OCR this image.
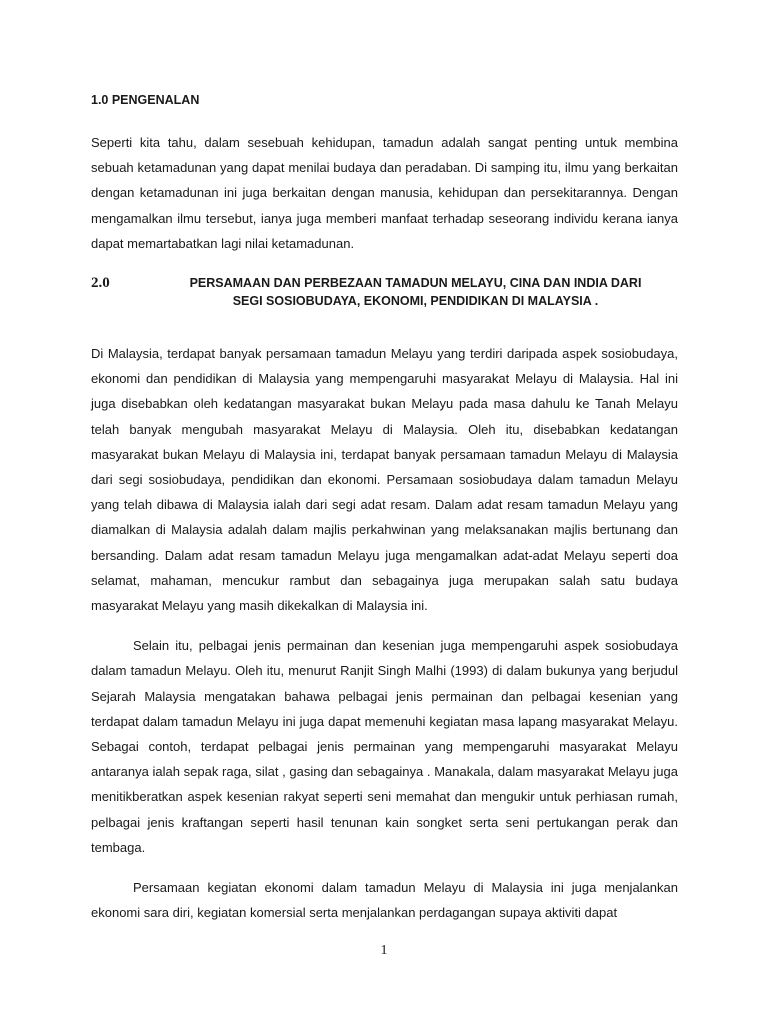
1.0 PENGENALAN

Seperti kita tahu, dalam sesebuah kehidupan, tamadun adalah sangat penting untuk membina sebuah ketamadunan yang dapat menilai budaya dan peradaban. Di samping itu, ilmu yang berkaitan dengan ketamadunan ini juga berkaitan dengan manusia, kehidupan dan persekitarannya. Dengan mengamalkan ilmu tersebut, ianya juga memberi manfaat terhadap seseorang individu kerana ianya dapat memartabatkan lagi nilai ketamadunan.

2.0	PERSAMAAN DAN PERBEZAAN TAMADUN MELAYU, CINA DAN INDIA DARI
SEGI SOSIOBUDAYA, EKONOMI, PENDIDIKAN DI MALAYSIA .

Di Malaysia, terdapat banyak persamaan tamadun Melayu yang terdiri daripada aspek sosiobudaya, ekonomi dan pendidikan di Malaysia yang mempengaruhi masyarakat Melayu di Malaysia. Hal ini juga disebabkan oleh kedatangan masyarakat bukan Melayu pada masa dahulu ke Tanah Melayu telah banyak mengubah masyarakat Melayu di Malaysia. Oleh itu, disebabkan kedatangan masyarakat bukan Melayu di Malaysia ini, terdapat banyak persamaan tamadun Melayu di Malaysia dari segi sosiobudaya, pendidikan dan ekonomi. Persamaan sosiobudaya dalam tamadun Melayu yang telah dibawa di Malaysia ialah dari segi adat resam. Dalam adat resam tamadun Melayu yang diamalkan di Malaysia adalah dalam majlis perkahwinan yang melaksanakan majlis bertunang dan bersanding. Dalam adat resam tamadun Melayu juga mengamalkan adat-adat Melayu seperti doa selamat, mahaman, mencukur rambut dan sebagainya juga merupakan salah satu budaya masyarakat Melayu yang masih dikekalkan di Malaysia ini.

Selain itu, pelbagai jenis permainan dan kesenian juga mempengaruhi aspek sosiobudaya dalam tamadun Melayu. Oleh itu, menurut Ranjit Singh Malhi (1993) di dalam bukunya yang berjudul Sejarah Malaysia mengatakan bahawa pelbagai jenis permainan dan pelbagai kesenian yang terdapat dalam tamadun Melayu ini juga dapat memenuhi kegiatan masa lapang masyarakat Melayu. Sebagai contoh, terdapat pelbagai jenis permainan yang mempengaruhi masyarakat Melayu antaranya ialah sepak raga, silat , gasing dan sebagainya . Manakala, dalam masyarakat Melayu juga menitikberatkan aspek kesenian rakyat seperti seni memahat dan mengukir untuk perhiasan rumah, pelbagai jenis kraftangan seperti hasil tenunan kain songket serta seni pertukangan perak dan tembaga.

Persamaan kegiatan ekonomi dalam tamadun Melayu di Malaysia ini juga menjalankan ekonomi sara diri, kegiatan komersial serta menjalankan perdagangan supaya aktiviti dapat

1
